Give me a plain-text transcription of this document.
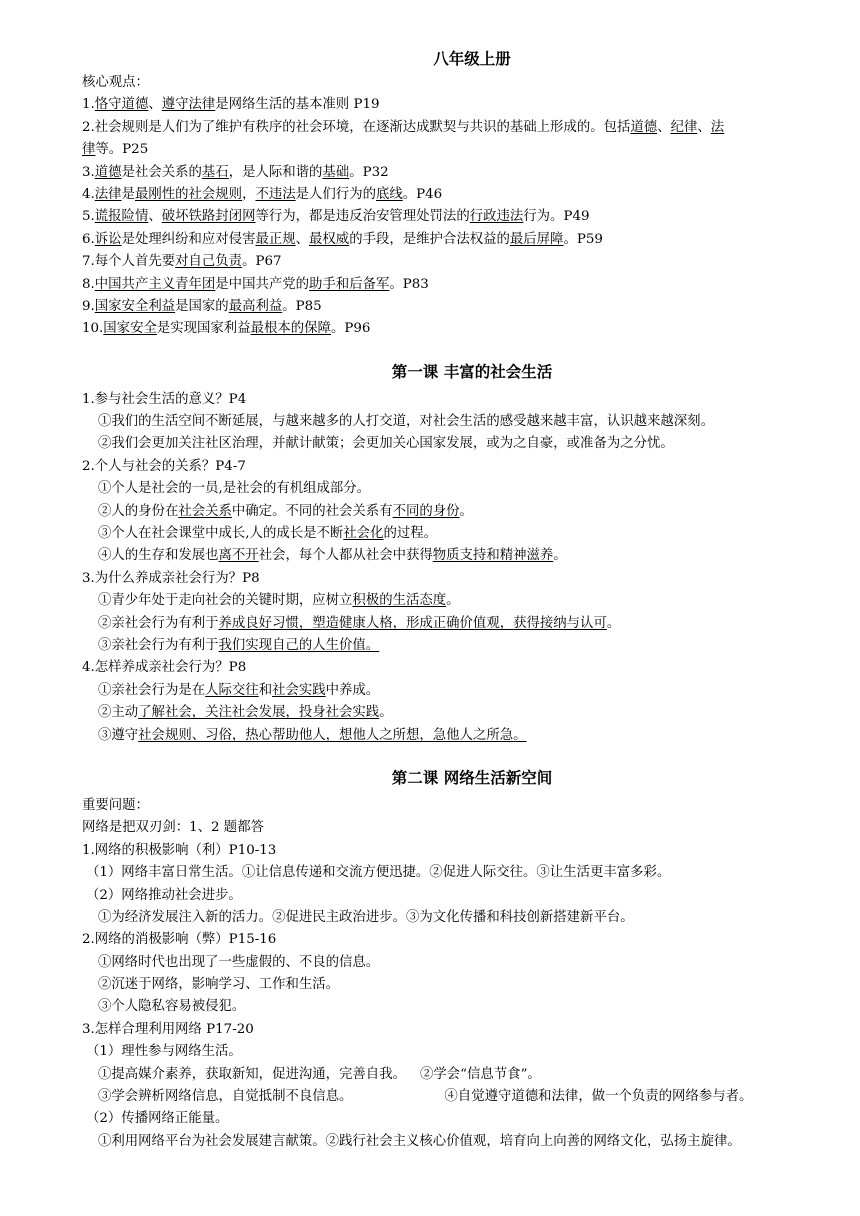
八年级上册
核心观点：
1.恪守道德、遵守法律是网络生活的基本准则 P19
2.社会规则是人们为了维护有秩序的社会环境，在逐渐达成默契与共识的基础上形成的。包括道德、纪律、法
律等。P25
3.道德是社会关系的基石，是人际和谐的基础。P32
4.法律是最刚性的社会规则，不违法是人们行为的底线。P46
5.谎报险情、破坏铁路封闭网等行为，都是违反治安管理处罚法的行政违法行为。P49
6.诉讼是处理纠纷和应对侵害最正规、最权威的手段，是维护合法权益的最后屏障。P59
7.每个人首先要对自己负责。P67
8.中国共产主义青年团是中国共产党的助手和后备军。P83
9.国家安全利益是国家的最高利益。P85
10.国家安全是实现国家利益最根本的保障。P96
第一课 丰富的社会生活
1.参与社会生活的意义？P4
①我们的生活空间不断延展，与越来越多的人打交道，对社会生活的感受越来越丰富，认识越来越深刻。
②我们会更加关注社区治理，并献计献策；会更加关心国家发展，或为之自豪，或准备为之分忧。
2.个人与社会的关系？P4-7
①个人是社会的一员,是社会的有机组成部分。
②人的身份在社会关系中确定。不同的社会关系有不同的身份。
③个人在社会课堂中成长,人的成长是不断社会化的过程。
④人的生存和发展也离不开社会，每个人都从社会中获得物质支持和精神滋养。
3.为什么养成亲社会行为？P8
①青少年处于走向社会的关键时期，应树立积极的生活态度。
②亲社会行为有利于养成良好习惯，塑造健康人格，形成正确价值观，获得接纳与认可。
③亲社会行为有利于我们实现自己的人生价值。
4.怎样养成亲社会行为？P8
①亲社会行为是在人际交往和社会实践中养成。
②主动了解社会，关注社会发展，投身社会实践。
③遵守社会规则、习俗，热心帮助他人，想他人之所想，急他人之所急。
第二课 网络生活新空间
重要问题：
网络是把双刃剑：1、2 题都答
1.网络的积极影响（利）P10-13
（1）网络丰富日常生活。①让信息传递和交流方便迅捷。②促进人际交往。③让生活更丰富多彩。
（2）网络推动社会进步。
①为经济发展注入新的活力。②促进民主政治进步。③为文化传播和科技创新搭建新平台。
2.网络的消极影响（弊）P15-16
①网络时代也出现了一些虚假的、不良的信息。
②沉迷于网络，影响学习、工作和生活。
③个人隐私容易被侵犯。
3.怎样合理利用网络 P17-20
（1）理性参与网络生活。
①提高媒介素养，获取新知，促进沟通，完善自我。 ②学会“信息节食”。
③学会辨析网络信息，自觉抵制不良信息。	④自觉遵守道德和法律，做一个负责的网络参与者。
（2）传播网络正能量。
①利用网络平台为社会发展建言献策。②践行社会主义核心价值观，培育向上向善的网络文化，弘扬主旋律。
